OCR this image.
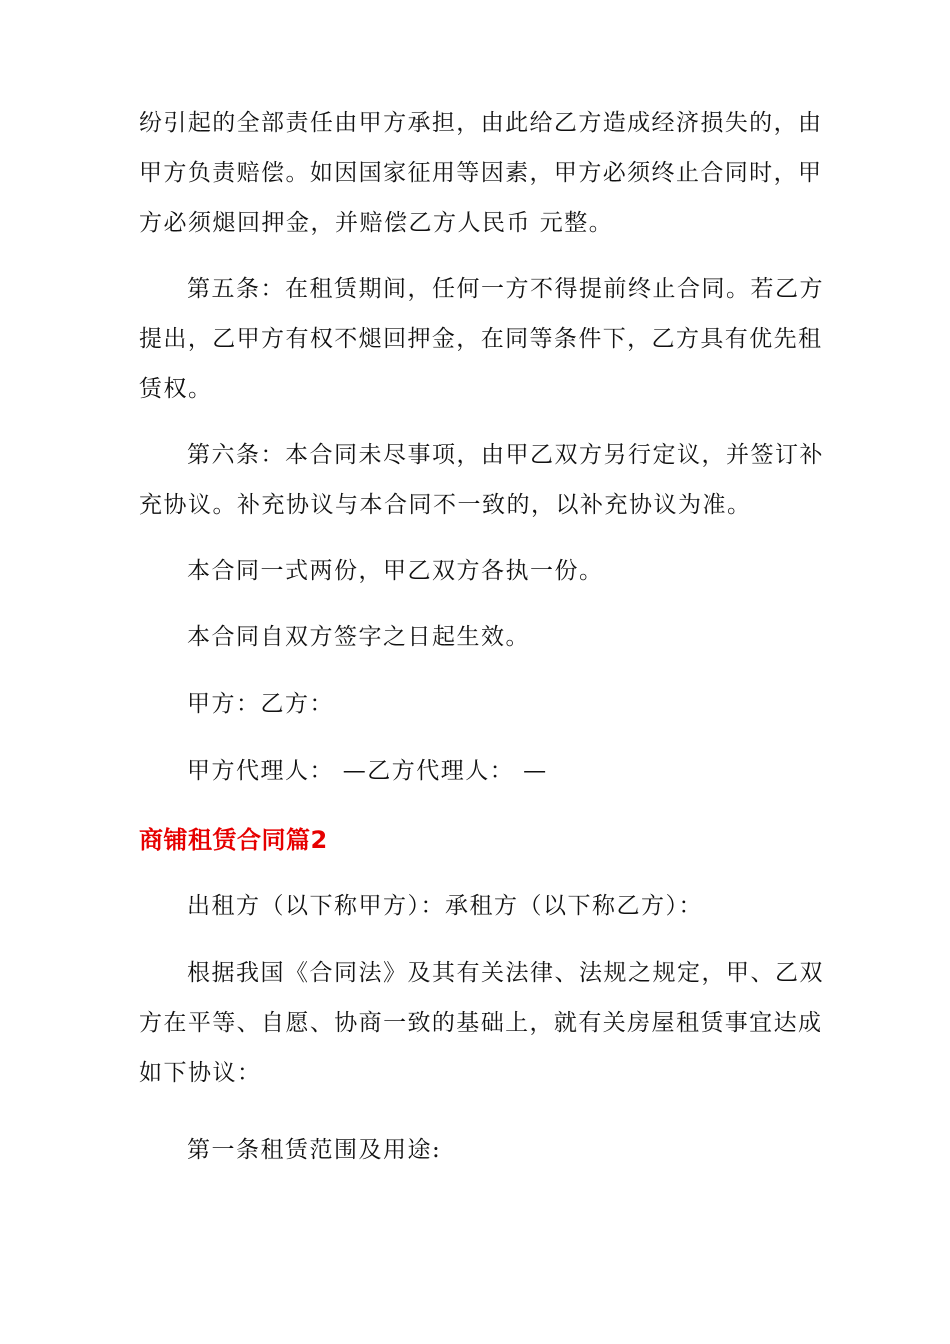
纷引起的全部责任由甲方承担，由此给乙方造成经济损失的，由
甲方负责赔偿。如因国家征用等因素，甲方必须终止合同时，甲
方必须煺回押金，并赔偿乙方人民币 元整。
第五条：在租赁期间，任何一方不得提前终止合同。若乙方
提出，乙甲方有权不煺回押金，在同等条件下，乙方具有优先租
赁权。
第六条：本合同未尽事项，由甲乙双方另行定议，并签订补
充协议。补充协议与本合同不一致的，以补充协议为准。
本合同一式两份，甲乙双方各执一份。
本合同自双方签字之日起生效。
甲方：乙方：
甲方代理人： —乙方代理人： —
商铺租赁合同篇2
出租方（以下称甲方）：承租方（以下称乙方）：
根据我国《合同法》及其有关法律、法规之规定，甲、乙双
方在平等、自愿、协商一致的基础上，就有关房屋租赁事宜达成
如下协议：
第一条租赁范围及用途:
